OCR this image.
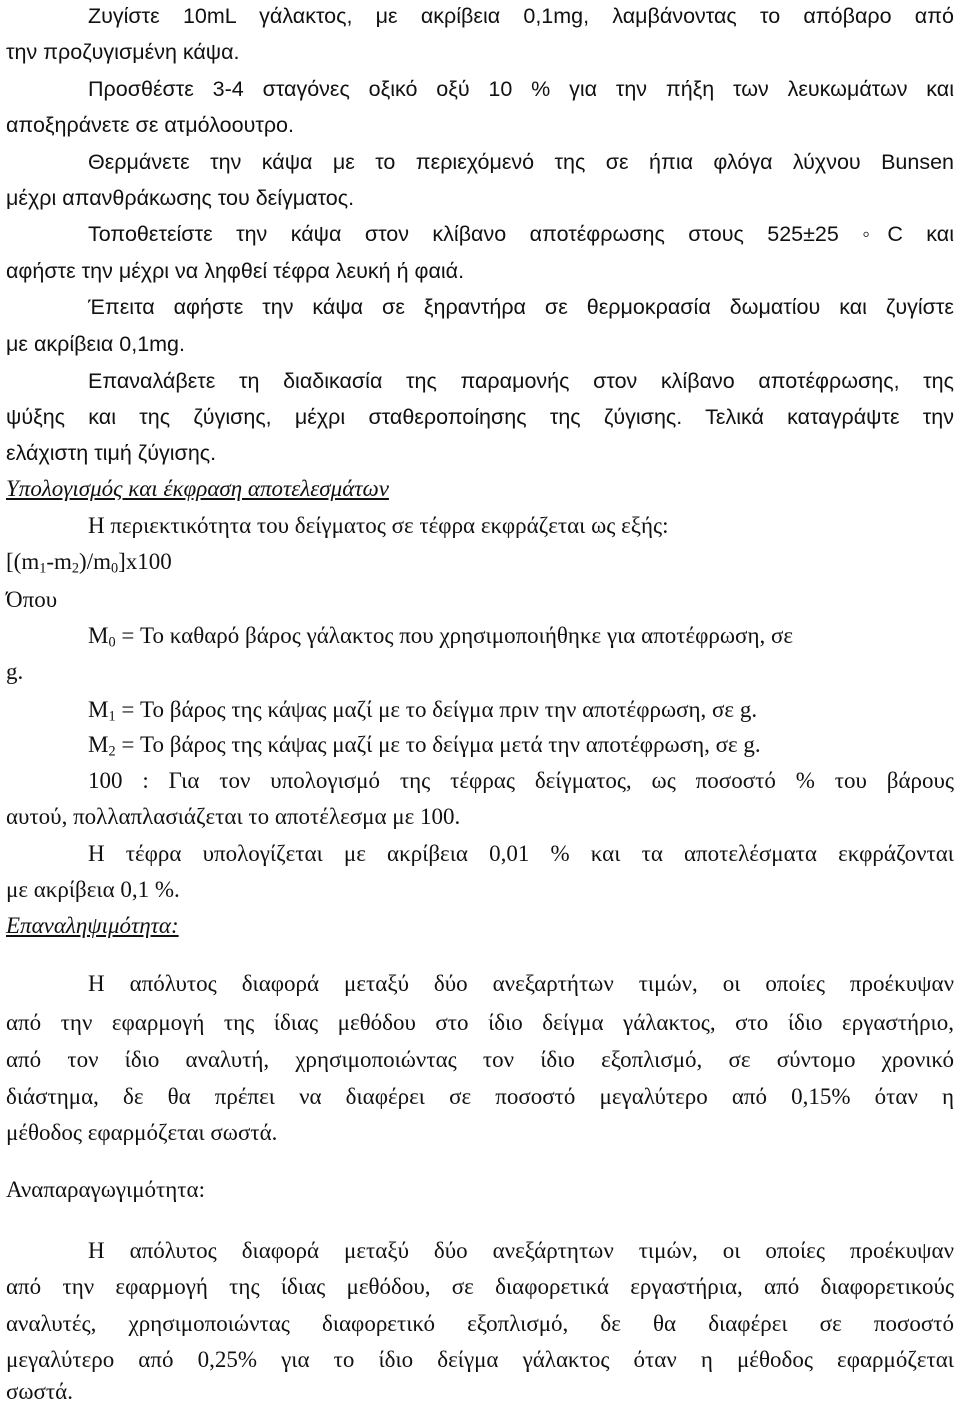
Ζυγίστε 10mL γάλακτος, με ακρίβεια 0,1mg, λαμβάνοντας το απόβαρο από
την προζυγισμένη κάψα.
Προσθέστε 3-4 σταγόνες οξικό οξύ 10 % για την πήξη των λευκωμάτων και
αποξηράνετε σε ατμόλοουτρο.
Θερμάνετε την κάψα με το περιεχόμενό της σε ήπια φλόγα λύχνου Bunsen
μέχρι απανθράκωσης του δείγματος.
Τοποθετείστε την κάψα στον κλίβανο αποτέφρωσης στους 525±25 ◦C και
αφήστε την μέχρι να ληφθεί τέφρα λευκή ή φαιά.
Έπειτα αφήστε την κάψα σε ξηραντήρα σε θερμοκρασία δωματίου και ζυγίστε
με ακρίβεια 0,1mg.
Επαναλάβετε τη διαδικασία της παραμονής στον κλίβανο αποτέφρωσης, της
ψύξης και της ζύγισης, μέχρι σταθεροποίησης της ζύγισης. Τελικά καταγράψτε την
ελάχιστη τιμή ζύγισης.
Υπολογισμός και έκφραση αποτελεσμάτων
Η περιεκτικότητα του δείγματος σε τέφρα εκφράζεται ως εξής:
$[(m_1-m_2)/m_0]x100$
Όπου
$M_0 = To$ καθαρό βάρος γάλακτος που χρησιμοποιήθηκε για αποτέφρωση, σε
g.
$M_1 = To$ βάρος της κάψας μαζί με το δείγμα πριν την αποτέφρωση, σε g.
$M_2 = To$ βάρος της κάψας μαζί με το δείγμα μετά την αποτέφρωση, σε g.
100 : Για τον υπολογισμό της τέφρας δείγματος, ως ποσοστό % του βάρους
αυτού, πολλαπλασιάζεται το αποτέλεσμα με 100.
Η τέφρα υπολογίζεται με ακρίβεια 0,01 % και τα αποτελέσματα εκφράζονται
με ακρίβεια 0,1 %.
Επαναληψιμότητα:
Η απόλυτος διαφορά μεταξύ δύο ανεξαρτήτων τιμών, οι οποίες προέκυψαν
από την εφαρμογή της ίδιας μεθόδου στο ίδιο δείγμα γάλακτος, στο ίδιο εργαστήριο,
από τον ίδιο αναλυτή, χρησιμοποιώντας τον ίδιο εξοπλισμό, σε σύντομο χρονικό
διάστημα, δε θα πρέπει να διαφέρει σε ποσοστό μεγαλύτερο από 0,15% όταν η
μέθοδος εφαρμόζεται σωστά.
Αναπαραγωγιμότητα:
Η απόλυτος διαφορά μεταξύ δύο ανεξάρτητων τιμών, οι οποίες προέκυψαν
από την εφαρμογή της ίδιας μεθόδου, σε διαφορετικά εργαστήρια, από διαφορετικούς
αναλυτές, χρησιμοποιώντας διαφορετικό εξοπλισμό, δε θα διαφέρει σε ποσοστό
μεγαλύτερο από 0,25% για το ίδιο δείγμα γάλακτος όταν η μέθοδος εφαρμόζεται
σωστά.
